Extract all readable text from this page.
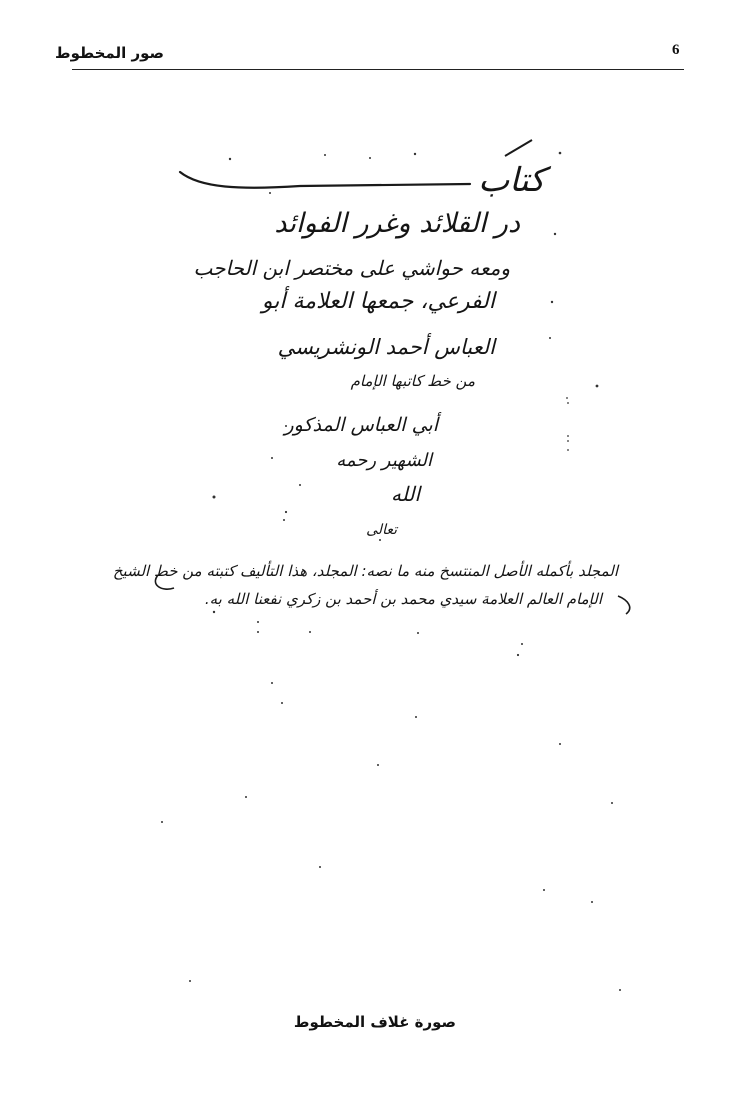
6
صور المخطوط
كتاب
در القلائد وغرر الفوائد
ومعه حواشي على مختصر ابن الحاجب
الفرعي، جمعها العلامة أبو
العباس أحمد الونشريسي
من خط كاتبها الإمام
أبي العباس المذكور
الشهير رحمه
الله
تعالى
المجلد بأكمله الأصل المنتسخ منه ما نصه: المجلد، هذا التأليف كتبته من خط الشيخ
الإمام العالم العلامة سيدي محمد بن أحمد بن زكري نفعنا الله به.
صورة غلاف المخطوط
